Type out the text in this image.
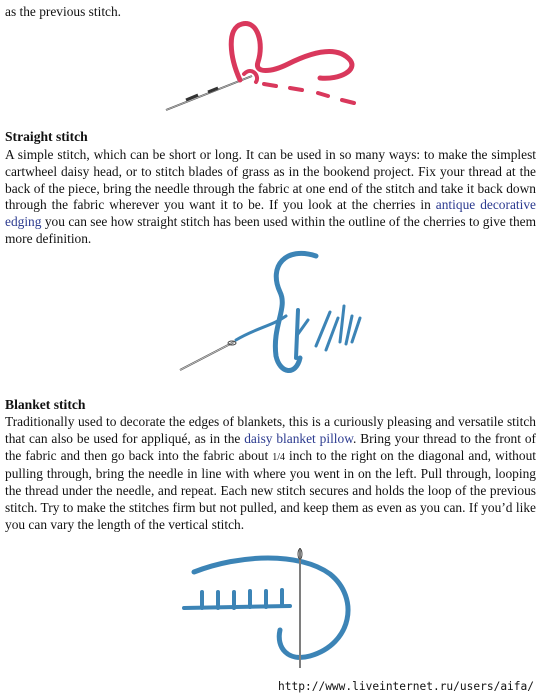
as the previous stitch.

Straight stitch

A simple stitch, which can be short or long. It can be used in so many ways: to make the simplest cartwheel daisy head, or to stitch blades of grass as in the bookend project. Fix your thread at the back of the piece, bring the needle through the fabric at one end of the stitch and take it back down through the fabric wherever you want it to be. If you look at the cherries in antique decorative edging you can see how straight stitch has been used within the outline of the cherries to give them more definition.

Blanket stitch

Traditionally used to decorate the edges of blankets, this is a curiously pleasing and versatile stitch that can also be used for appliqué, as in the daisy blanket pillow. Bring your thread to the front of the fabric and then go back into the fabric about 1/4 inch to the right on the diagonal and, without pulling through, bring the needle in line with where you went in on the left. Pull through, looping the thread under the needle, and repeat. Each new stitch secures and holds the loop of the previous stitch. Try to make the stitches firm but not pulled, and keep them as even as you can. If you’d like you can vary the length of the vertical stitch.

http://www.liveinternet.ru/users/aifa/
